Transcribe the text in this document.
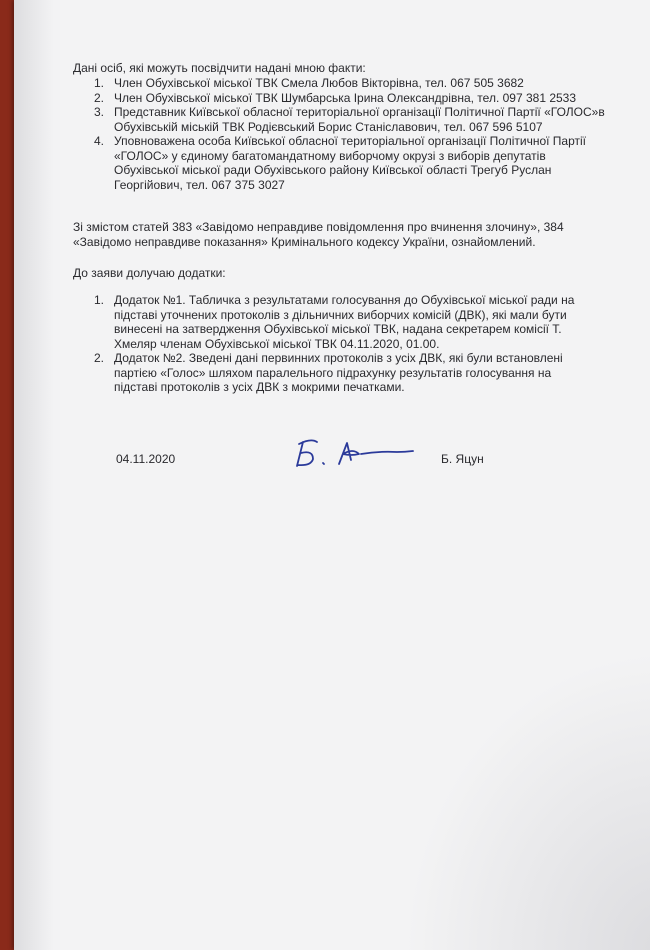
Дані осіб, які можуть посвідчити надані мною факти:
1. Член Обухівської міської ТВК Смела Любов Вікторівна, тел. 067 505 3682
2. Член Обухівської міської ТВК Шумбарська Ірина Олександрівна, тел. 097 381 2533
3. Представник Київської обласної територіальної організації Політичної Партії «ГОЛОС»в Обухівській міській ТВК Родієвський Борис Станіславович, тел. 067 596 5107
4. Уповноважена особа Київської обласної територіальної організації Політичної Партії «ГОЛОС» у єдиному багатомандатному виборчому окрузі з виборів депутатів Обухівської міської ради Обухівського району Київської області Трегуб Руслан Георгійович, тел. 067 375 3027
Зі змістом статей 383 «Завідомо неправдиве повідомлення про вчинення злочину», 384 «Завідомо неправдиве показання» Кримінального кодексу України, ознайомлений.
До заяви долучаю додатки:
1. Додаток №1. Табличка з результатами голосування до Обухівської міської ради на підставі уточнених протоколів з дільничних виборчих комісій (ДВК), які мали бути винесені на затвердження Обухівської міської ТВК, надана секретарем комісії Т. Хмеляр членам Обухівської міської ТВК 04.11.2020, 01.00.
2. Додаток №2. Зведені дані первинних протоколів з усіх ДВК, які були встановлені партією «Голос» шляхом паралельного підрахунку результатів голосування на підставі протоколів з усіх ДВК з мокрими печатками.
04.11.2020	Б. Яцун
